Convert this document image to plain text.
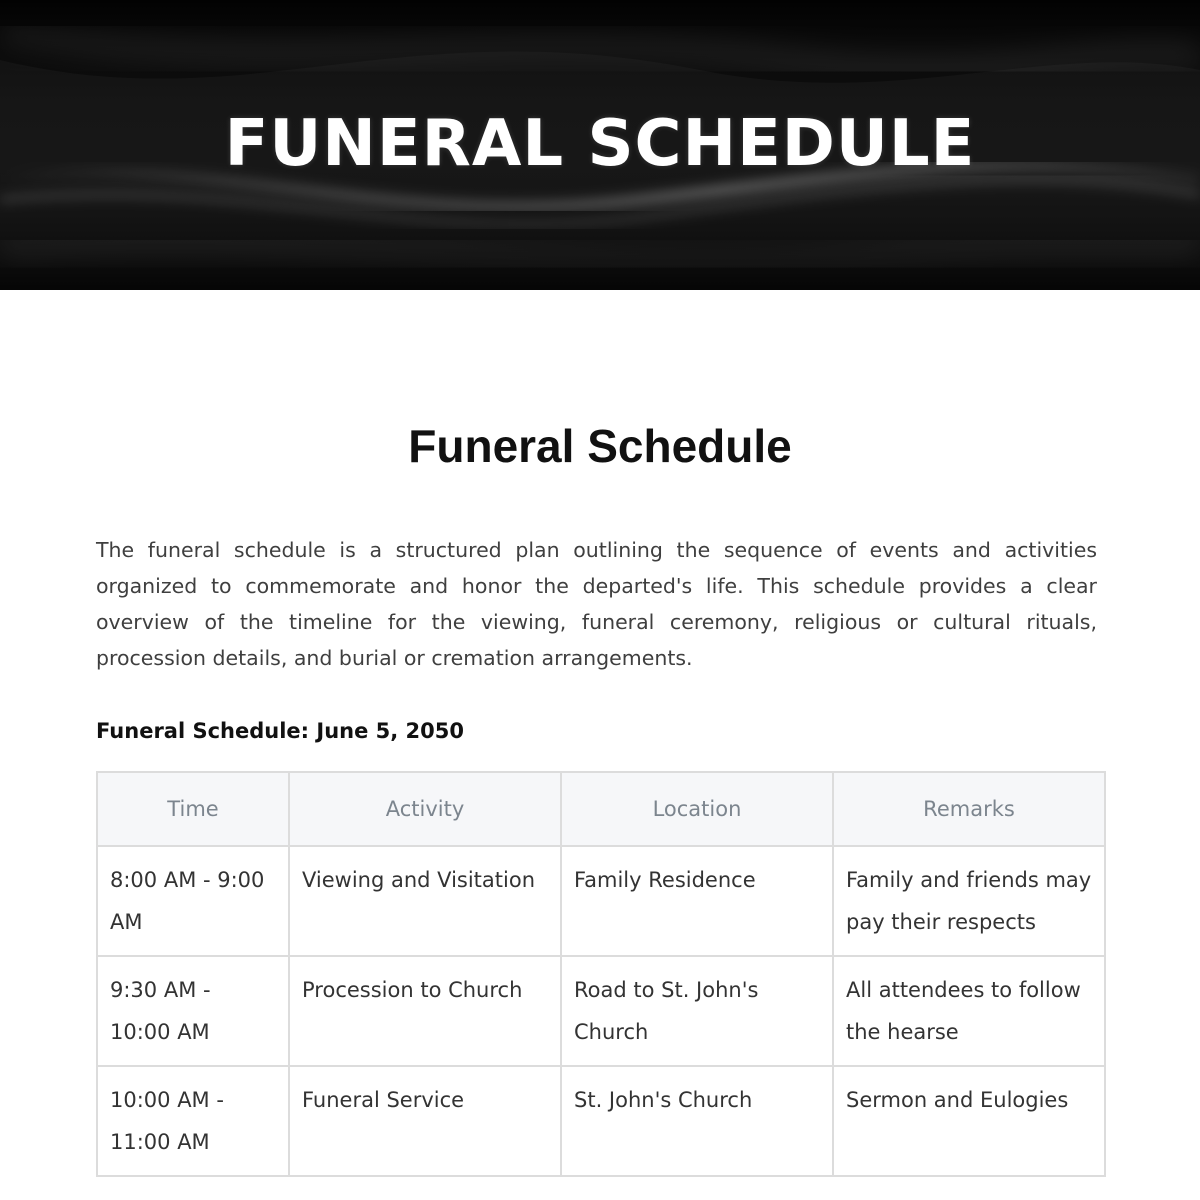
FUNERAL SCHEDULE
Funeral Schedule

The funeral schedule is a structured plan outlining the sequence of events and activities organized to commemorate and honor the departed's life. This schedule provides a clear overview of the timeline for the viewing, funeral ceremony, religious or cultural rituals, procession details, and burial or cremation arrangements.

Funeral Schedule: June 5, 2050

Time	Activity	Location	Remarks
8:00 AM - 9:00 AM	Viewing and Visitation	Family Residence	Family and friends may pay their respects
9:30 AM - 10:00 AM	Procession to Church	Road to St. John's Church	All attendees to follow the hearse
10:00 AM - 11:00 AM	Funeral Service	St. John's Church	Sermon and Eulogies
